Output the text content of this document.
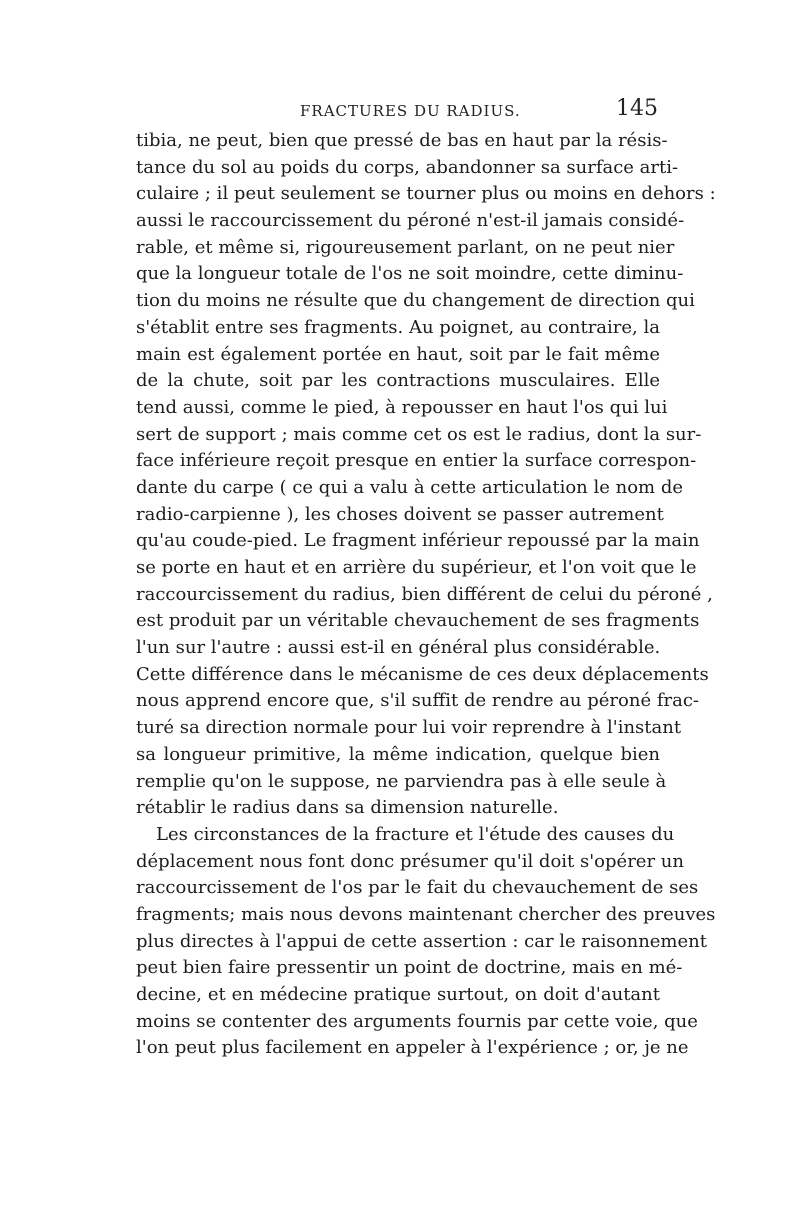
FRACTURES DU RADIUS.	145
tibia, ne peut, bien que pressé de bas en haut par la résis-
tance du sol au poids du corps, abandonner sa surface arti-
culaire ; il peut seulement se tourner plus ou moins en dehors :
aussi le raccourcissement du péroné n'est-il jamais considé-
rable, et même si, rigoureusement parlant, on ne peut nier
que la longueur totale de l'os ne soit moindre, cette diminu-
tion du moins ne résulte que du changement de direction qui
s'établit entre ses fragments. Au poignet, au contraire, la
main est également portée en haut, soit par le fait même
de la chute, soit par les contractions musculaires. Elle
tend aussi, comme le pied, à repousser en haut l'os qui lui
sert de support ; mais comme cet os est le radius, dont la sur-
face inférieure reçoit presque en entier la surface correspon-
dante du carpe ( ce qui a valu à cette articulation le nom de
radio-carpienne ), les choses doivent se passer autrement
qu'au coude-pied. Le fragment inférieur repoussé par la main
se porte en haut et en arrière du supérieur, et l'on voit que le
raccourcissement du radius, bien différent de celui du péroné ,
est produit par un véritable chevauchement de ses fragments
l'un sur l'autre : aussi est-il en général plus considérable.
Cette différence dans le mécanisme de ces deux déplacements
nous apprend encore que, s'il suffit de rendre au péroné frac-
turé sa direction normale pour lui voir reprendre à l'instant
sa longueur primitive, la même indication, quelque bien
remplie qu'on le suppose, ne parviendra pas à elle seule à
rétablir le radius dans sa dimension naturelle.
Les circonstances de la fracture et l'étude des causes du
déplacement nous font donc présumer qu'il doit s'opérer un
raccourcissement de l'os par le fait du chevauchement de ses
fragments; mais nous devons maintenant chercher des preuves
plus directes à l'appui de cette assertion : car le raisonnement
peut bien faire pressentir un point de doctrine, mais en mé-
decine, et en médecine pratique surtout, on doit d'autant
moins se contenter des arguments fournis par cette voie, que
l'on peut plus facilement en appeler à l'expérience ; or, je ne
